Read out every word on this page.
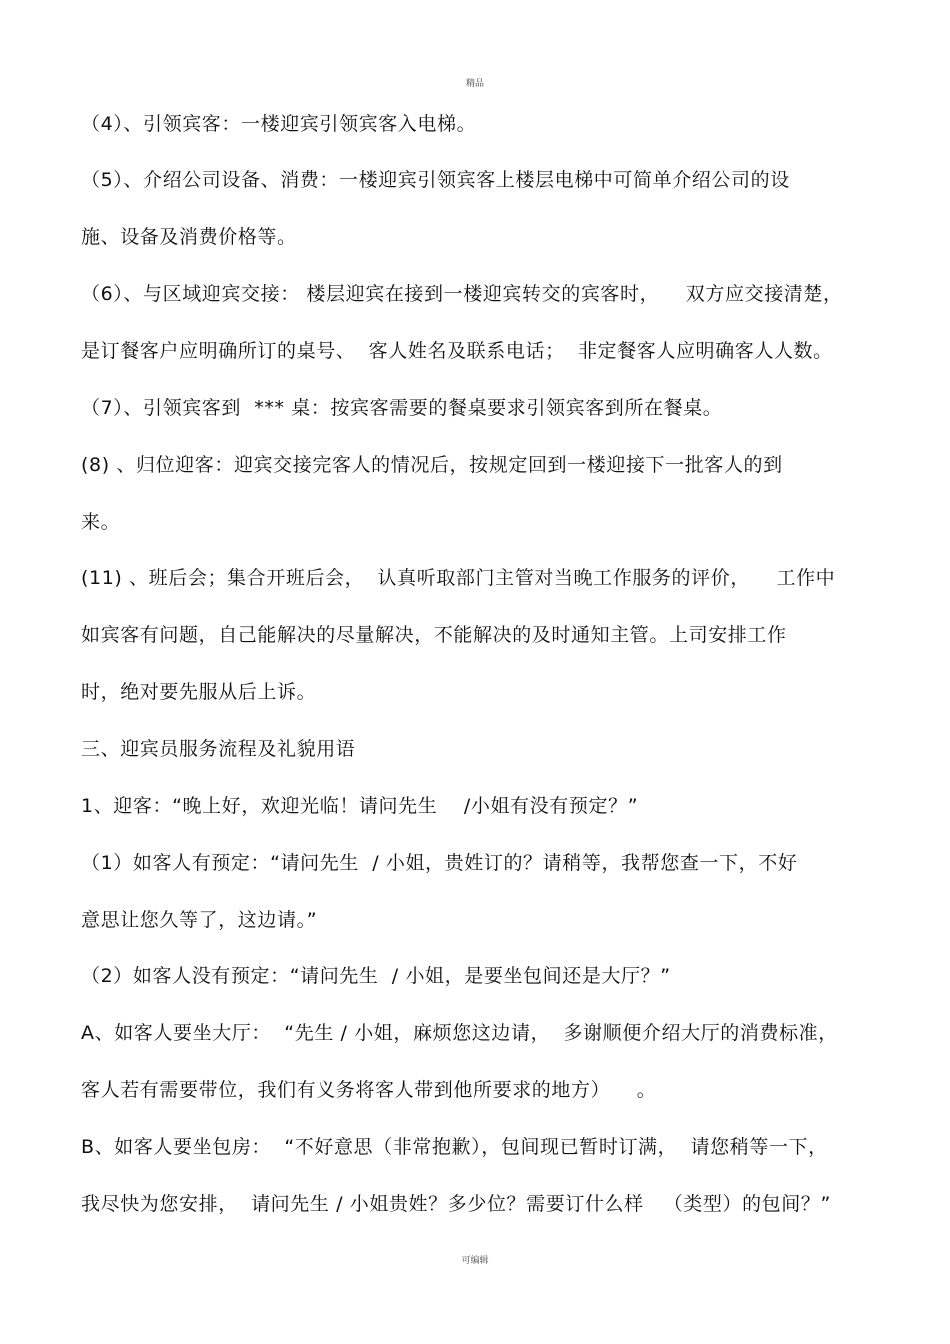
精品
（4）、引领宾客：一楼迎宾引领宾客入电梯。
（5）、介绍公司设备、消费：一楼迎宾引领宾客上楼层电梯中可简单介绍公司的设
施、设备及消费价格等。
（6）、与区域迎宾交接： 楼层迎宾在接到一楼迎宾转交的宾客时，    双方应交接清楚，
是订餐客户应明确所订的桌号、  客人姓名及联系电话；  非定餐客人应明确客人人数。
（7）、引领宾客到  *** 桌：按宾客需要的餐桌要求引领宾客到所在餐桌。
(8) 、归位迎客：迎宾交接完客人的情况后，按规定回到一楼迎接下一批客人的到
来。
(11) 、班后会；集合开班后会，  认真听取部门主管对当晚工作服务的评价，    工作中
如宾客有问题，自己能解决的尽量解决，不能解决的及时通知主管。上司安排工作
时，绝对要先服从后上诉。
三、迎宾员服务流程及礼貌用语
1、迎客：“晚上好，欢迎光临！请问先生    /小姐有没有预定？”
（1）如客人有预定：“请问先生  / 小姐，贵姓订的？请稍等，我帮您查一下，不好
意思让您久等了，这边请。”
（2）如客人没有预定：“请问先生  / 小姐，是要坐包间还是大厅？”
A、如客人要坐大厅：  “先生 / 小姐，麻烦您这边请，  多谢顺便介绍大厅的消费标准，
客人若有需要带位，我们有义务将客人带到他所要求的地方）    。
B、如客人要坐包房：  “不好意思（非常抱歉），包间现已暂时订满，  请您稍等一下，
我尽快为您安排，  请问先生 / 小姐贵姓？多少位？需要订什么样   （类型）的包间？”
可编辑
